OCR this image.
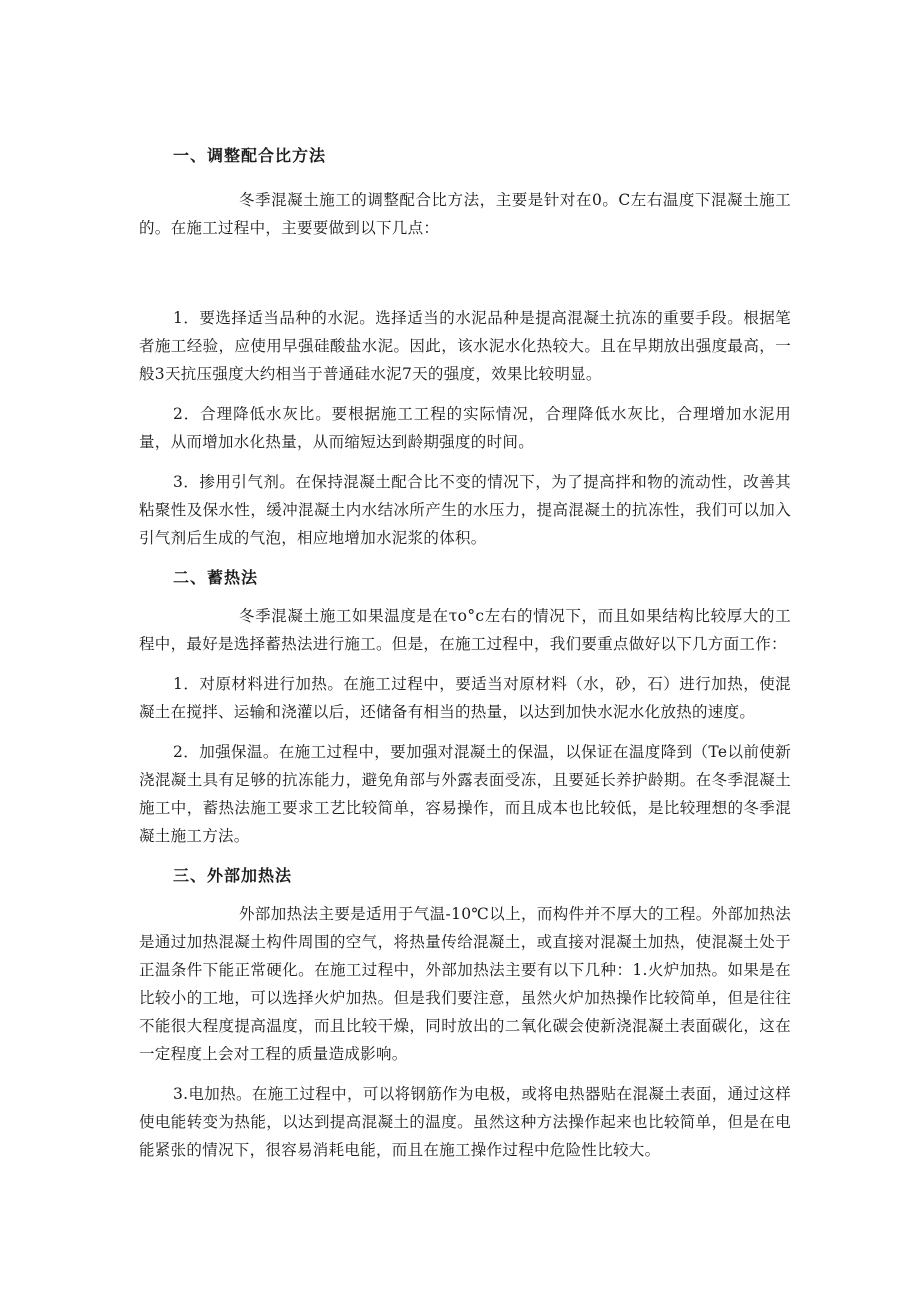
一、调整配合比方法

冬季混凝土施工的调整配合比方法，主要是针对在0。C左右温度下混凝土施工的。在施工过程中，主要要做到以下几点：

1．要选择适当品种的水泥。选择适当的水泥品种是提高混凝土抗冻的重要手段。根据笔者施工经验，应使用早强硅酸盐水泥。因此，该水泥水化热较大。且在早期放出强度最高，一般3天抗压强度大约相当于普通硅水泥7天的强度，效果比较明显。

2．合理降低水灰比。要根据施工工程的实际情况，合理降低水灰比，合理增加水泥用量，从而增加水化热量，从而缩短达到龄期强度的时间。

3．掺用引气剂。在保持混凝土配合比不变的情况下，为了提高拌和物的流动性，改善其粘聚性及保水性，缓冲混凝土内水结冰所产生的水压力，提高混凝土的抗冻性，我们可以加入引气剂后生成的气泡，相应地增加水泥浆的体积。

二、蓄热法

冬季混凝土施工如果温度是在τo°c左右的情况下，而且如果结构比较厚大的工程中，最好是选择蓄热法进行施工。但是，在施工过程中，我们要重点做好以下几方面工作：

1．对原材料进行加热。在施工过程中，要适当对原材料（水，砂，石）进行加热，使混凝土在搅拌、运输和浇灌以后，还储备有相当的热量，以达到加快水泥水化放热的速度。

2．加强保温。在施工过程中，要加强对混凝土的保温，以保证在温度降到（Te以前使新浇混凝土具有足够的抗冻能力，避免角部与外露表面受冻，且要延长养护龄期。在冬季混凝土施工中，蓄热法施工要求工艺比较简单，容易操作，而且成本也比较低，是比较理想的冬季混凝土施工方法。

三、外部加热法

外部加热法主要是适用于气温-10℃以上，而构件并不厚大的工程。外部加热法是通过加热混凝土构件周围的空气，将热量传给混凝土，或直接对混凝土加热，使混凝土处于正温条件下能正常硬化。在施工过程中，外部加热法主要有以下几种：1.火炉加热。如果是在比较小的工地，可以选择火炉加热。但是我们要注意，虽然火炉加热操作比较简单，但是往往不能很大程度提高温度，而且比较干燥，同时放出的二氧化碳会使新浇混凝土表面碳化，这在一定程度上会对工程的质量造成影响。

3.电加热。在施工过程中，可以将钢筋作为电极，或将电热器贴在混凝土表面，通过这样使电能转变为热能，以达到提高混凝土的温度。虽然这种方法操作起来也比较简单，但是在电能紧张的情况下，很容易消耗电能，而且在施工操作过程中危险性比较大。
